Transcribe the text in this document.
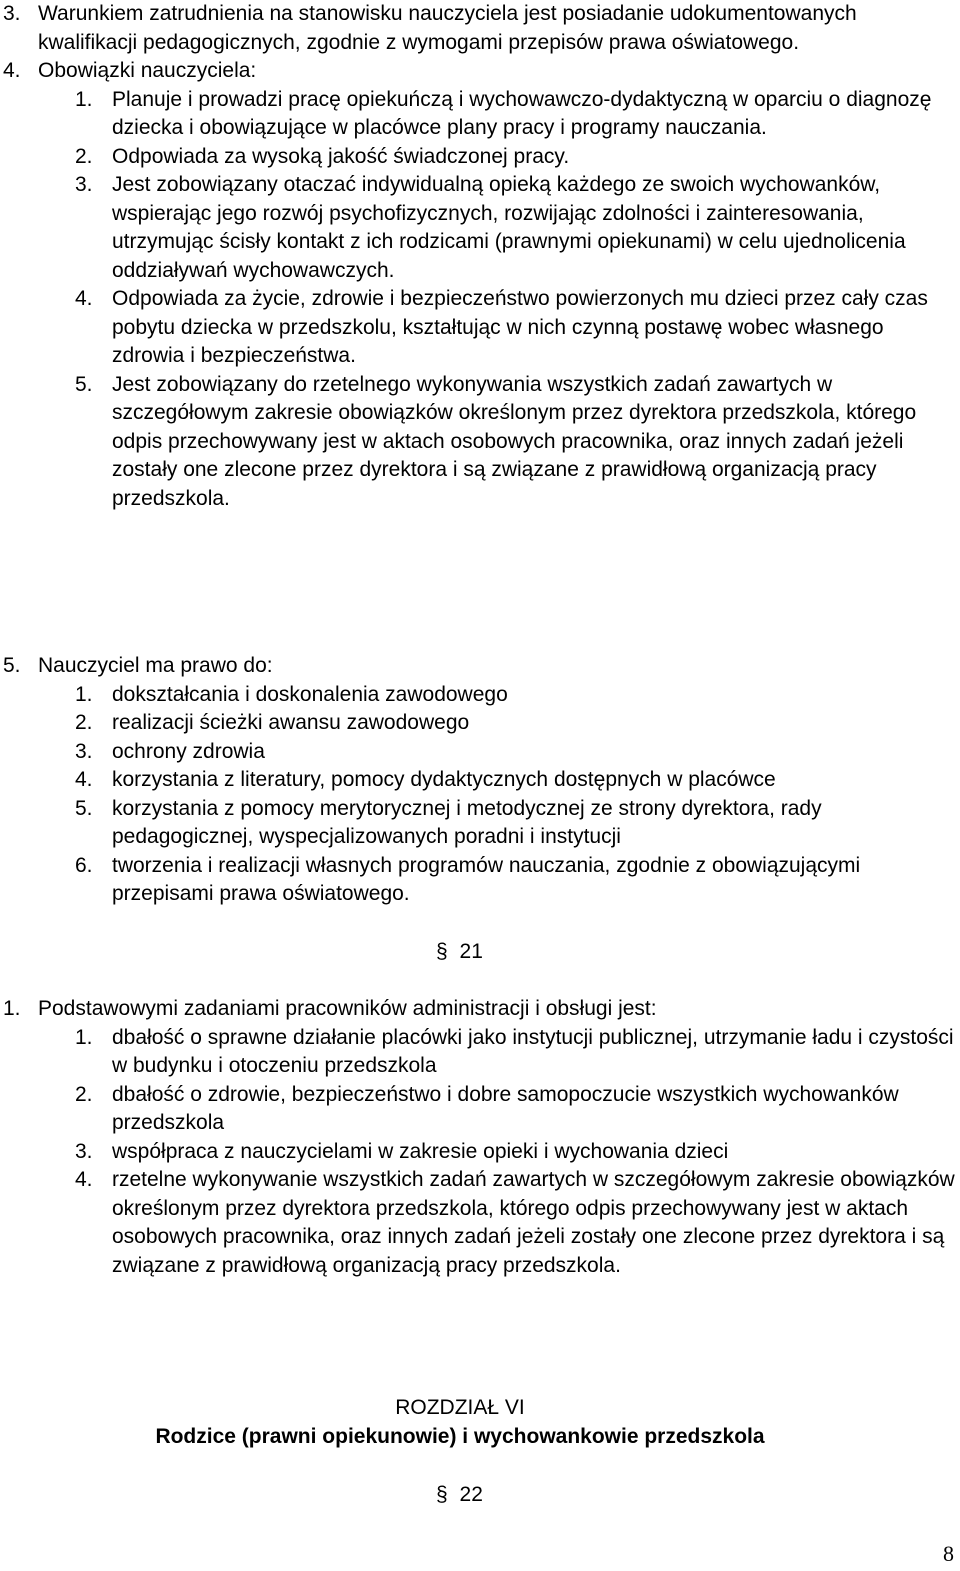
3. Warunkiem zatrudnienia na stanowisku nauczyciela jest posiadanie udokumentowanych kwalifikacji pedagogicznych, zgodnie z wymogami przepisów prawa oświatowego.
4. Obowiązki nauczyciela:
1. Planuje i prowadzi pracę opiekuńczą i wychowawczo-dydaktyczną w oparciu o diagnozę dziecka i obowiązujące w placówce plany pracy i programy nauczania.
2. Odpowiada za wysoką jakość świadczonej pracy.
3. Jest zobowiązany otaczać indywidualną opieką każdego ze swoich wychowanków, wspierając jego rozwój psychofizycznych, rozwijając zdolności i zainteresowania, utrzymując ścisły kontakt z ich rodzicami (prawnymi opiekunami) w celu ujednolicenia oddziaływań wychowawczych.
4. Odpowiada za życie, zdrowie i bezpieczeństwo powierzonych mu dzieci przez cały czas pobytu dziecka w przedszkolu, kształtując w nich czynną postawę wobec własnego zdrowia i bezpieczeństwa.
5. Jest zobowiązany do rzetelnego wykonywania wszystkich zadań zawartych w szczegółowym zakresie obowiązków określonym przez dyrektora przedszkola, którego odpis przechowywany jest w aktach osobowych pracownika, oraz innych zadań jeżeli zostały one zlecone przez dyrektora i są związane z prawidłową organizacją pracy przedszkola.
5. Nauczyciel ma prawo do:
1. dokształcania i doskonalenia zawodowego
2. realizacji ścieżki awansu zawodowego
3. ochrony zdrowia
4. korzystania z literatury, pomocy dydaktycznych dostępnych w placówce
5. korzystania z pomocy merytorycznej i metodycznej ze strony dyrektora, rady pedagogicznej, wyspecjalizowanych poradni i instytucji
6. tworzenia i realizacji własnych programów nauczania, zgodnie z obowiązującymi przepisami prawa oświatowego.
§ 21
1. Podstawowymi zadaniami pracowników administracji i obsługi jest:
1. dbałość o sprawne działanie placówki jako instytucji publicznej, utrzymanie ładu i czystości w budynku i otoczeniu przedszkola
2. dbałość o zdrowie, bezpieczeństwo i dobre samopoczucie wszystkich wychowanków przedszkola
3. współpraca z nauczycielami w zakresie opieki i wychowania dzieci
4. rzetelne wykonywanie wszystkich zadań zawartych w szczegółowym zakresie obowiązków określonym przez dyrektora przedszkola, którego odpis przechowywany jest w aktach osobowych pracownika, oraz innych zadań jeżeli zostały one zlecone przez dyrektora i są związane z prawidłową organizacją pracy przedszkola.
ROZDZIAŁ VI
Rodzice (prawni opiekunowie) i wychowankowie przedszkola
§ 22
8
